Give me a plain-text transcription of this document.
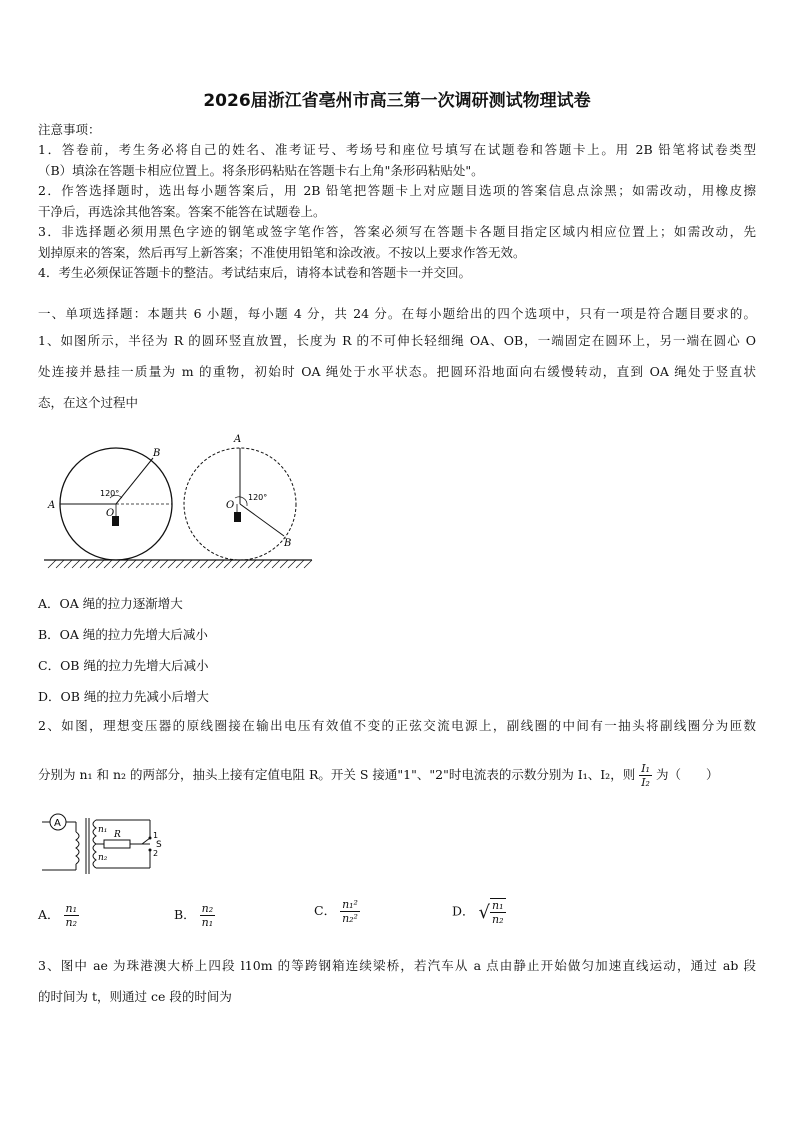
2026届浙江省亳州市高三第一次调研测试物理试卷
注意事项：
1．答卷前，考生务必将自己的姓名、准考证号、考场号和座位号填写在试题卷和答题卡上。用 2B 铅笔将试卷类型
（B）填涂在答题卡相应位置上。将条形码粘贴在答题卡右上角"条形码粘贴处"。
2．作答选择题时，选出每小题答案后，用 2B 铅笔把答题卡上对应题目选项的答案信息点涂黑；如需改动，用橡皮擦
干净后，再选涂其他答案。答案不能答在试题卷上。
3．非选择题必须用黑色字迹的钢笔或签字笔作答，答案必须写在答题卡各题目指定区域内相应位置上；如需改动，先
划掉原来的答案，然后再写上新答案；不准使用铅笔和涂改液。不按以上要求作答无效。
4．考生必须保证答题卡的整洁。考试结束后，请将本试卷和答题卡一并交回。
一、单项选择题：本题共 6 小题，每小题 4 分，共 24 分。在每小题给出的四个选项中，只有一项是符合题目要求的。
1、如图所示，半径为 R 的圆环竖直放置，长度为 R 的不可伸长轻细绳 OA、OB，一端固定在圆环上，另一端在圆心 O
处连接并悬挂一质量为 m 的重物，初始时 OA 绳处于水平状态。把圆环沿地面向右缓慢转动，直到 OA 绳处于竖直状
态，在这个过程中
A
B
O
120°
A
B
O
120°
A．OA 绳的拉力逐渐增大
B．OA 绳的拉力先增大后减小
C．OB 绳的拉力先增大后减小
D．OB 绳的拉力先减小后增大
2、如图，理想变压器的原线圈接在输出电压有效值不变的正弦交流电源上，副线圈的中间有一抽头将副线圈分为匝数
分别为 n₁ 和 n₂ 的两部分，抽头上接有定值电阻 R。开关 S 接通"1"、"2"时电流表的示数分别为 I₁、I₂，则 $\frac{\text{I₁}}{\text{I₂}}$ 为（　　）
A
n₁
n₂
R	1
2
S
A． $\frac{\text{n₁}}{\text{n₂}}$	B． $\frac{\text{n₂}}{\text{n₁}}$	C． $\frac{\text{n₁²}}{\text{n₂²}}$	D． √ $\frac{\text{n₁}}{\text{n₂}}$
3、图中 ae 为珠港澳大桥上四段 l10m 的等跨钢箱连续梁桥，若汽车从 a 点由静止开始做匀加速直线运动，通过 ab 段
的时间为 t，则通过 ce 段的时间为
